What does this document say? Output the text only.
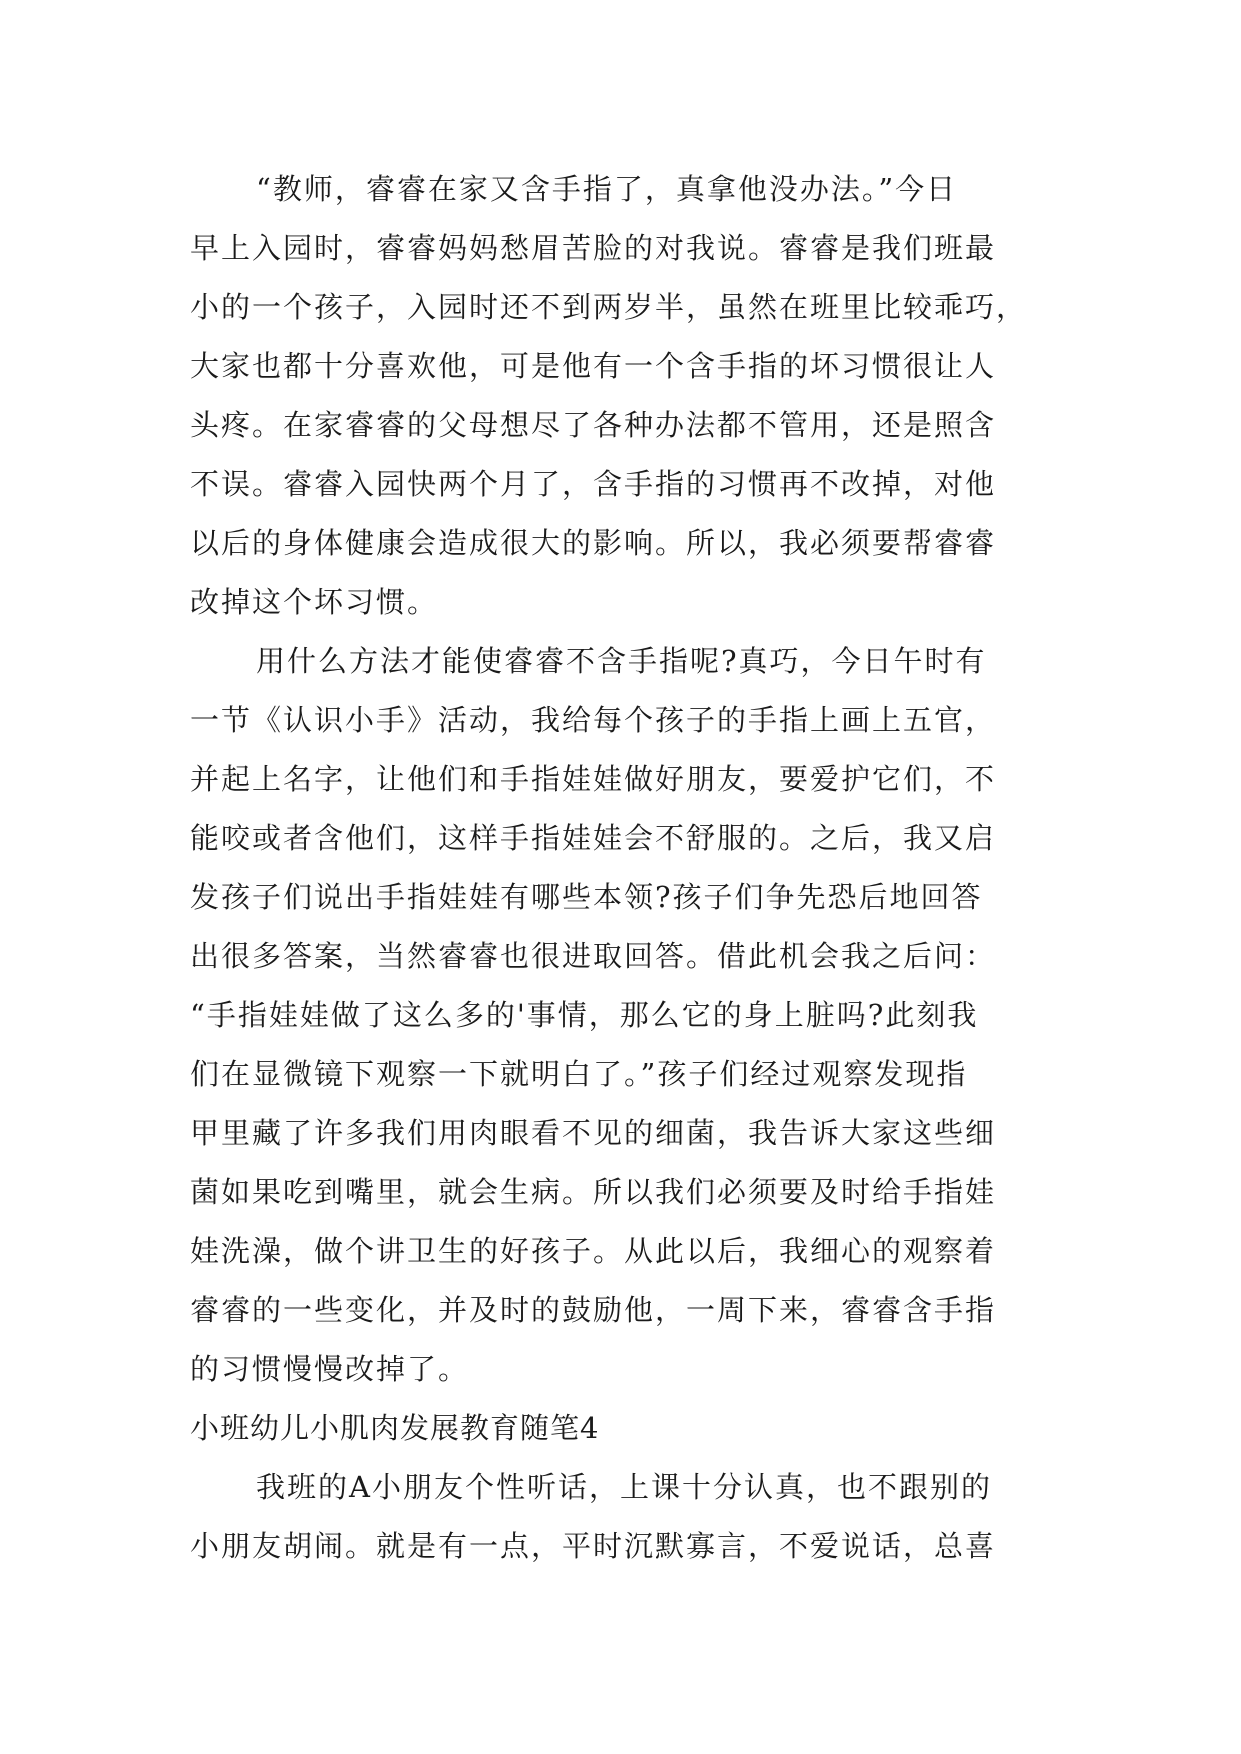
“教师，睿睿在家又含手指了，真拿他没办法。”今日
早上入园时，睿睿妈妈愁眉苦脸的对我说。睿睿是我们班最
小的一个孩子，入园时还不到两岁半，虽然在班里比较乖巧，
大家也都十分喜欢他，可是他有一个含手指的坏习惯很让人
头疼。在家睿睿的父母想尽了各种办法都不管用，还是照含
不误。睿睿入园快两个月了，含手指的习惯再不改掉，对他
以后的身体健康会造成很大的影响。所以，我必须要帮睿睿
改掉这个坏习惯。
用什么方法才能使睿睿不含手指呢?真巧，今日午时有
一节《认识小手》活动，我给每个孩子的手指上画上五官，
并起上名字，让他们和手指娃娃做好朋友，要爱护它们，不
能咬或者含他们，这样手指娃娃会不舒服的。之后，我又启
发孩子们说出手指娃娃有哪些本领?孩子们争先恐后地回答
出很多答案，当然睿睿也很进取回答。借此机会我之后问：
“手指娃娃做了这么多的'事情，那么它的身上脏吗?此刻我
们在显微镜下观察一下就明白了。”孩子们经过观察发现指
甲里藏了许多我们用肉眼看不见的细菌，我告诉大家这些细
菌如果吃到嘴里，就会生病。所以我们必须要及时给手指娃
娃洗澡，做个讲卫生的好孩子。从此以后，我细心的观察着
睿睿的一些变化，并及时的鼓励他，一周下来，睿睿含手指
的习惯慢慢改掉了。
小班幼儿小肌肉发展教育随笔4
我班的A小朋友个性听话，上课十分认真，也不跟别的
小朋友胡闹。就是有一点，平时沉默寡言，不爱说话，总喜
